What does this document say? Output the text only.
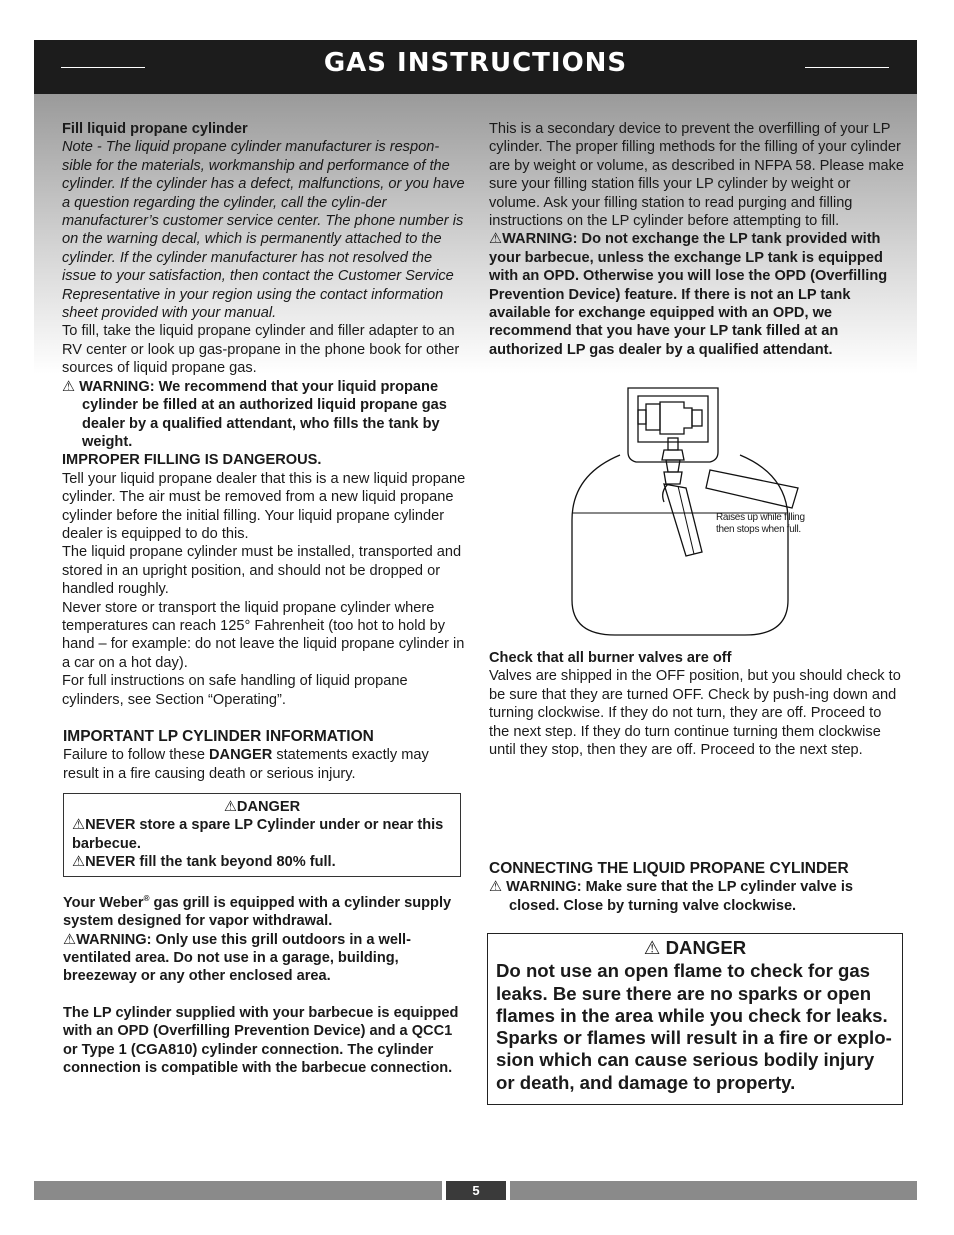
GAS INSTRUCTIONS

Fill liquid propane cylinder

Note - The liquid propane cylinder manufacturer is respon-sible for the materials, workmanship and performance of the cylinder. If the cylinder has a defect, malfunctions, or you have a question regarding the cylinder, call the cylin-der manufacturer’s customer service center. The phone number is on the warning decal, which is permanently attached to the cylinder. If the cylinder manufacturer has not resolved the issue to your satisfaction, then contact the Customer Service Representative in your region using the contact information sheet provided with your manual.

To fill, take the liquid propane cylinder and filler adapter to an RV center or look up gas-propane in the phone book for other sources of liquid propane gas.

⚠ WARNING: We recommend that your liquid propane cylinder be filled at an authorized liquid propane gas dealer by a qualified attendant, who fills the tank by weight.

IMPROPER FILLING IS DANGEROUS.

Tell your liquid propane dealer that this is a new liquid propane cylinder. The air must be removed from a new liquid propane cylinder before the initial filling. Your liquid propane cylinder dealer is equipped to do this.

The liquid propane cylinder must be installed, transported and stored in an upright position, and should not be dropped or handled roughly.

Never store or transport the liquid propane cylinder where temperatures can reach 125° Fahrenheit (too hot to hold by hand – for example: do not leave the liquid propane cylinder in a car on a hot day).

For full instructions on safe handling of liquid propane cylinders, see Section “Operating”.

IMPORTANT LP CYLINDER INFORMATION

Failure to follow these DANGER statements exactly may result in a fire causing death or serious injury.

⚠DANGER
⚠NEVER store a spare LP Cylinder under or near this barbecue.
⚠NEVER fill the tank beyond 80% full.

Your Weber® gas grill is equipped with a cylinder supply system designed for vapor withdrawal.

⚠WARNING: Only use this grill outdoors in a well-ventilated area. Do not use in a garage, building, breezeway or any other enclosed area.

The LP cylinder supplied with your barbecue is equipped with an OPD (Overfilling Prevention Device) and a QCC1 or Type 1 (CGA810) cylinder connection. The cylinder connection is compatible with the barbecue connection.

This is a secondary device to prevent the overfilling of your LP cylinder. The proper filling methods for the filling of your cylinder are by weight or volume, as described in NFPA 58. Please make sure your filling station fills your LP cylinder by weight or volume. Ask your filling station to read purging and filling instructions on the LP cylinder before attempting to fill.

⚠WARNING: Do not exchange the LP tank provided with your barbecue, unless the exchange LP tank is equipped with an OPD. Otherwise you will lose the OPD (Overfilling Prevention Device) feature. If there is not an LP tank available for exchange equipped with an OPD, we recommend that you have your LP tank filled at an authorized LP gas dealer by a qualified attendant.

Raises up while filling then stops when full.

Check that all burner valves are off

Valves are shipped in the OFF position, but you should check to be sure that they are turned OFF. Check by push-ing down and turning clockwise. If they do not turn, they are off. Proceed to the next step. If they do turn continue turning them clockwise until they stop, then they are off. Proceed to the next step.

CONNECTING THE LIQUID PROPANE CYLINDER

⚠ WARNING: Make sure that the LP cylinder valve is closed. Close by turning valve clockwise.

⚠ DANGER
Do not use an open flame to check for gas leaks. Be sure there are no sparks or open flames in the area while you check for leaks. Sparks or flames will result in a fire or explo-sion which can cause serious bodily injury or death, and damage to property.
5
